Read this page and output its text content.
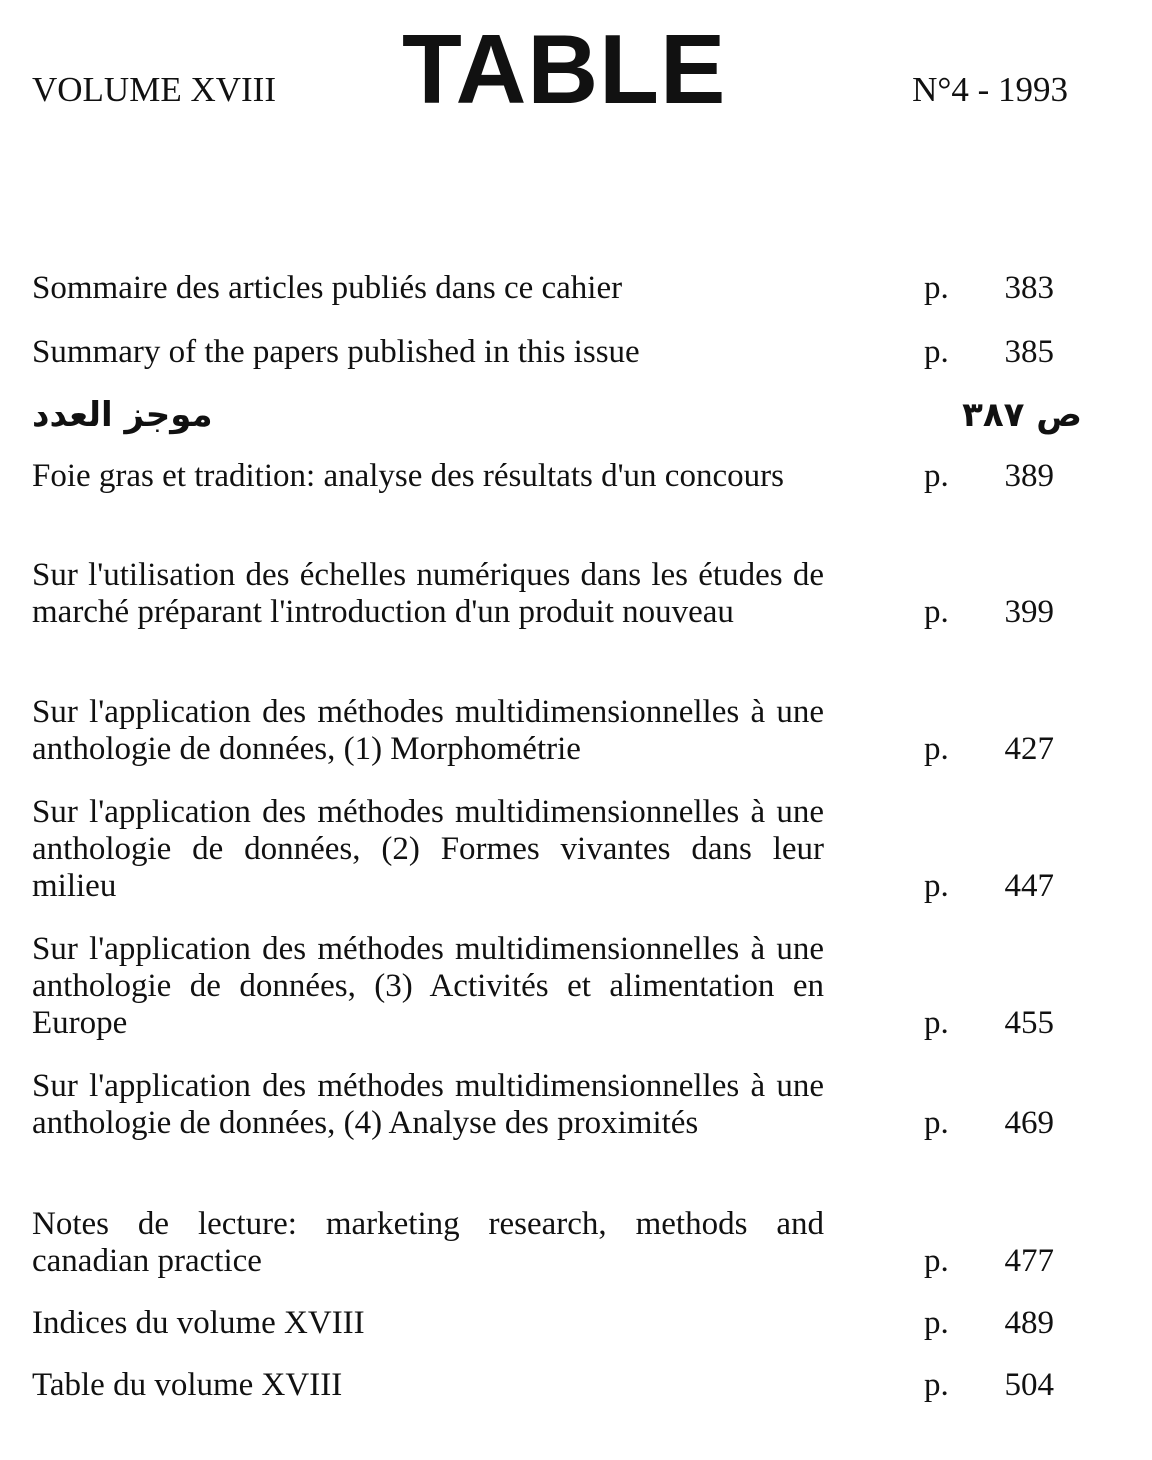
VOLUME XVIII TABLE	N°4 - 1993
Sommaire des articles publiés dans ce cahier	p. 383
Summary of the papers published in this issue	p. 385
موجز العدد	ص ٣٨٧
Foie gras et tradition: analyse des résultats d'un concours	p. 389
Sur l'utilisation des échelles numériques dans les études de marché préparant l'introduction d'un produit nouveau	p. 399
Sur l'application des méthodes multidimensionnelles à une anthologie de données, (1) Morphométrie	p. 427
Sur l'application des méthodes multidimensionnelles à une anthologie de données, (2) Formes vivantes dans leur milieu	p. 447
Sur l'application des méthodes multidimensionnelles à une anthologie de données, (3) Activités et alimentation en Europe	p. 455
Sur l'application des méthodes multidimensionnelles à une anthologie de données, (4) Analyse des proximités	p. 469
Notes de lecture: marketing research, methods and canadian practice	p. 477
Indices du volume XVIII	p. 489
Table du volume XVIII	p. 504
